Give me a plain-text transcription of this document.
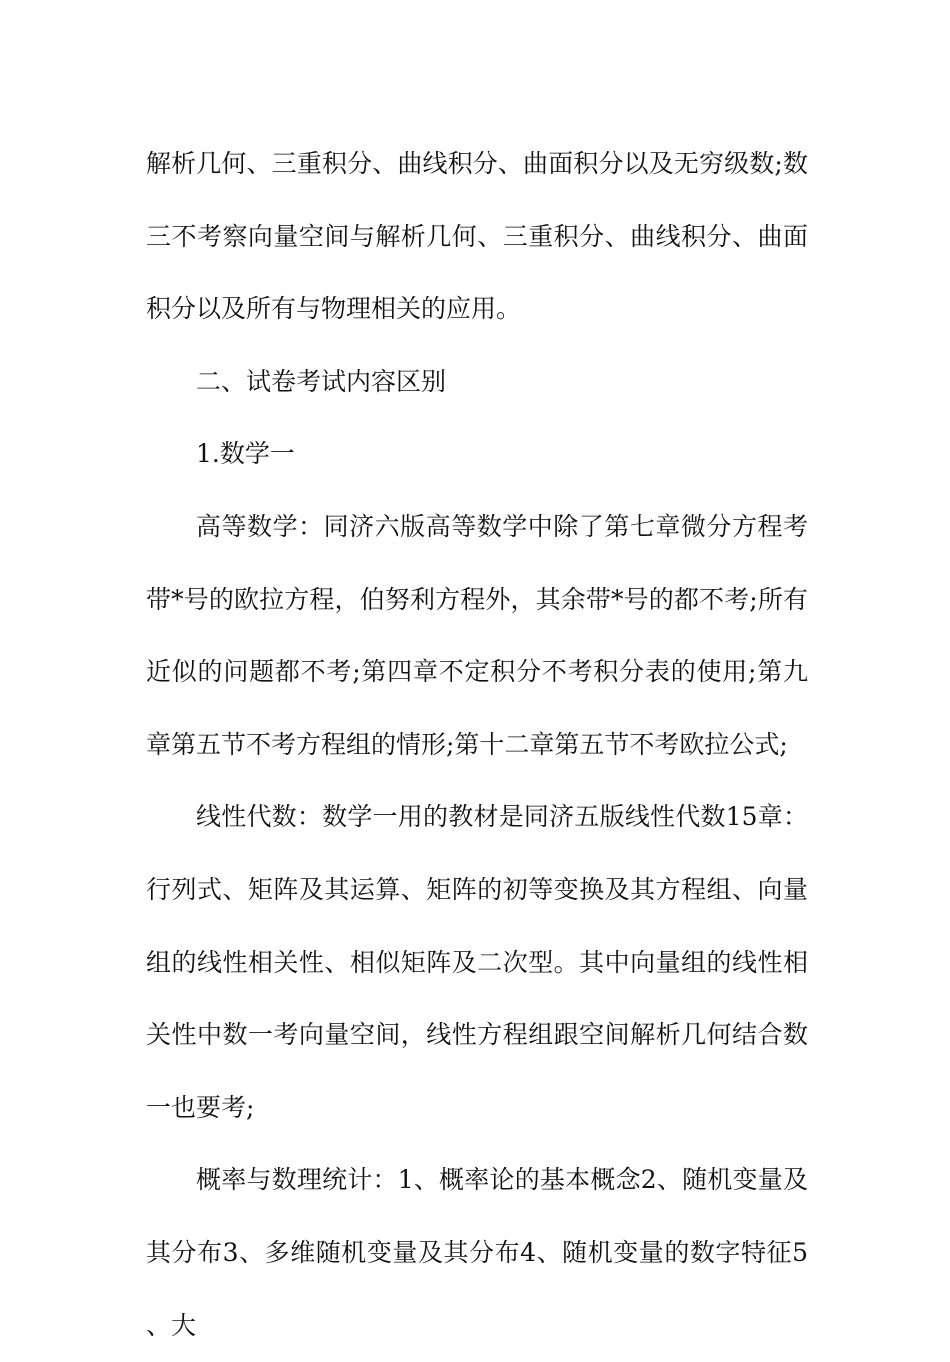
解析几何、三重积分、曲线积分、曲面积分以及无穷级数;数三不考察向量空间与解析几何、三重积分、曲线积分、曲面积分以及所有与物理相关的应用。

二、试卷考试内容区别

1.数学一

高等数学：同济六版高等数学中除了第七章微分方程考带*号的欧拉方程，伯努利方程外，其余带*号的都不考;所有近似的问题都不考;第四章不定积分不考积分表的使用;第九章第五节不考方程组的情形;第十二章第五节不考欧拉公式;

线性代数：数学一用的教材是同济五版线性代数15章：行列式、矩阵及其运算、矩阵的初等变换及其方程组、向量组的线性相关性、相似矩阵及二次型。其中向量组的线性相关性中数一考向量空间，线性方程组跟空间解析几何结合数一也要考;

概率与数理统计：1、概率论的基本概念2、随机变量及其分布3、多维随机变量及其分布4、随机变量的数字特征5、大
